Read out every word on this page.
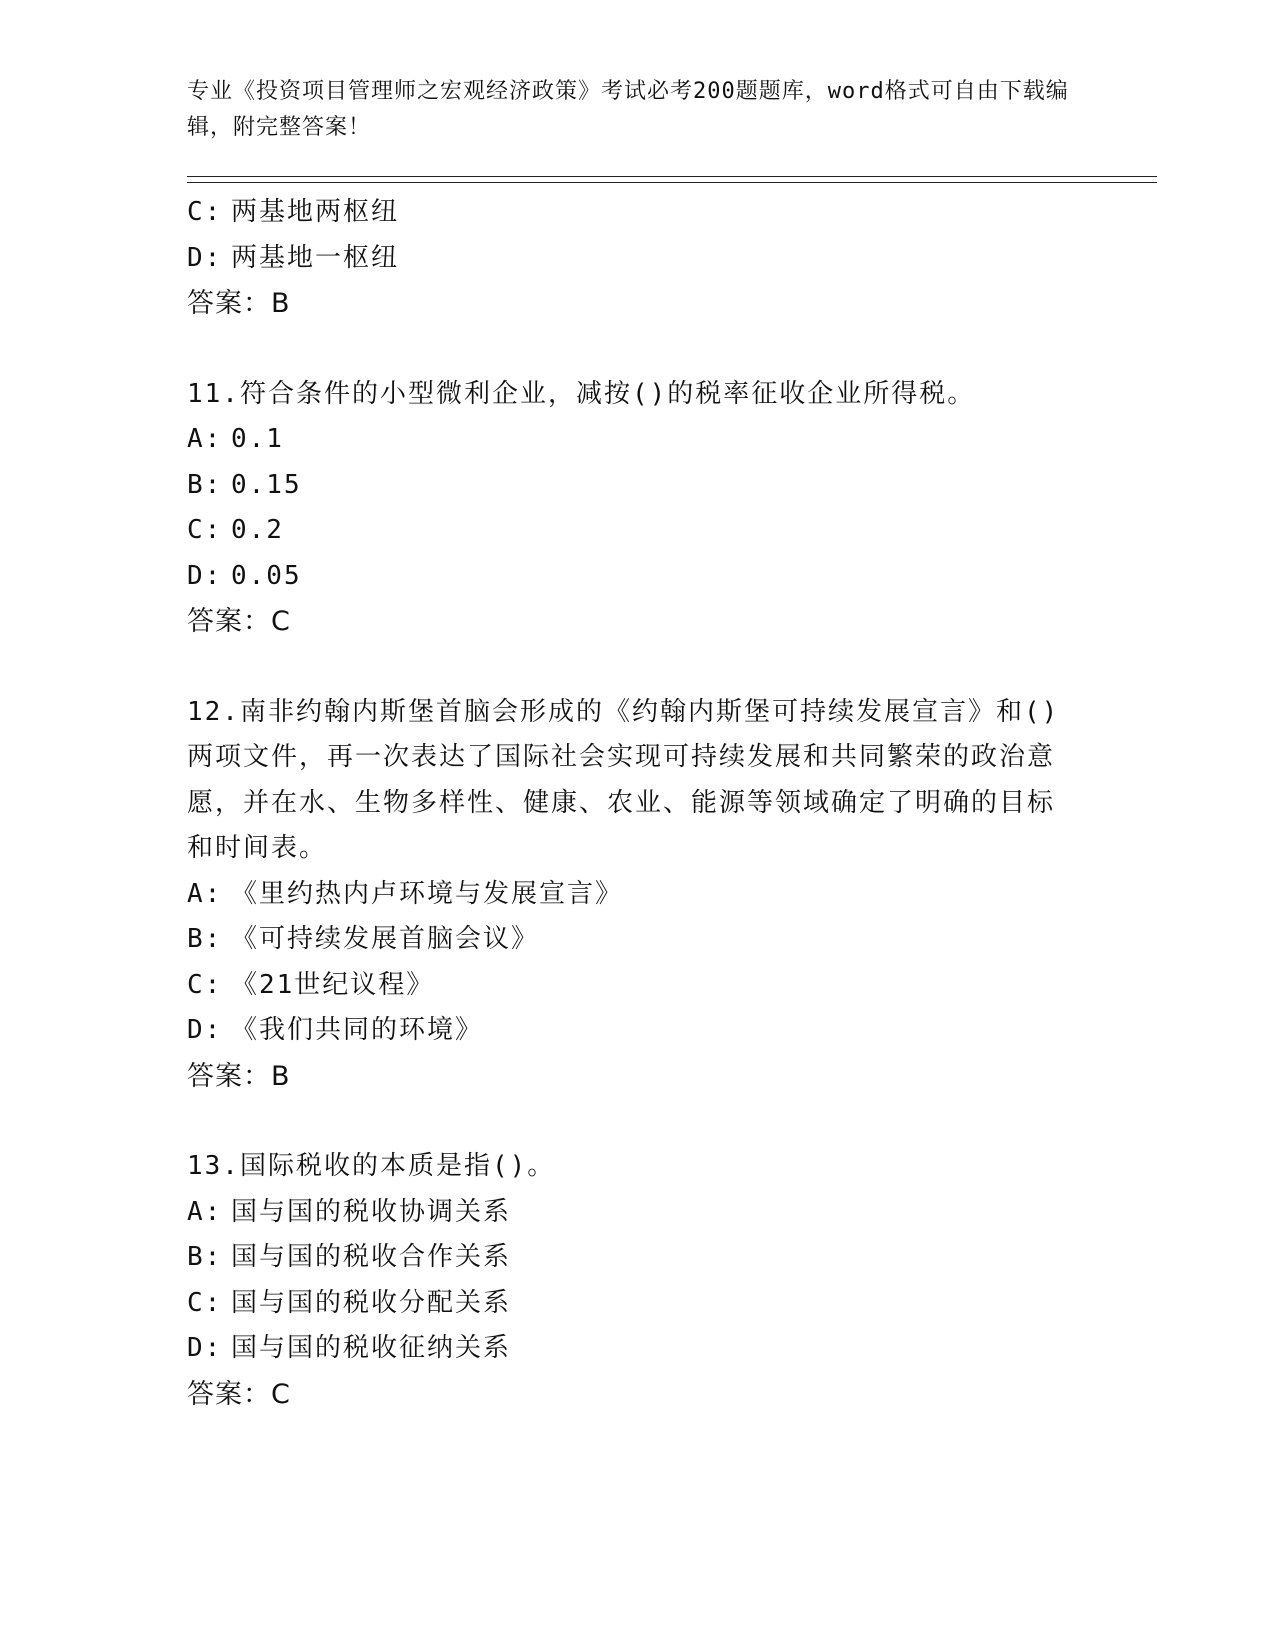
专业《投资项目管理师之宏观经济政策》考试必考200题题库，word格式可自由下载编辑，附完整答案！
C: 两基地两枢纽
D: 两基地一枢纽
答案：B
11.符合条件的小型微利企业，减按()的税率征收企业所得税。
A: 0.1
B: 0.15
C: 0.2
D: 0.05
答案：C
12.南非约翰内斯堡首脑会形成的《约翰内斯堡可持续发展宣言》和()两项文件，再一次表达了国际社会实现可持续发展和共同繁荣的政治意愿，并在水、生物多样性、健康、农业、能源等领域确定了明确的目标和时间表。
A: 《里约热内卢环境与发展宣言》
B: 《可持续发展首脑会议》
C: 《21世纪议程》
D: 《我们共同的环境》
答案：B
13.国际税收的本质是指()。
A: 国与国的税收协调关系
B: 国与国的税收合作关系
C: 国与国的税收分配关系
D: 国与国的税收征纳关系
答案：C
